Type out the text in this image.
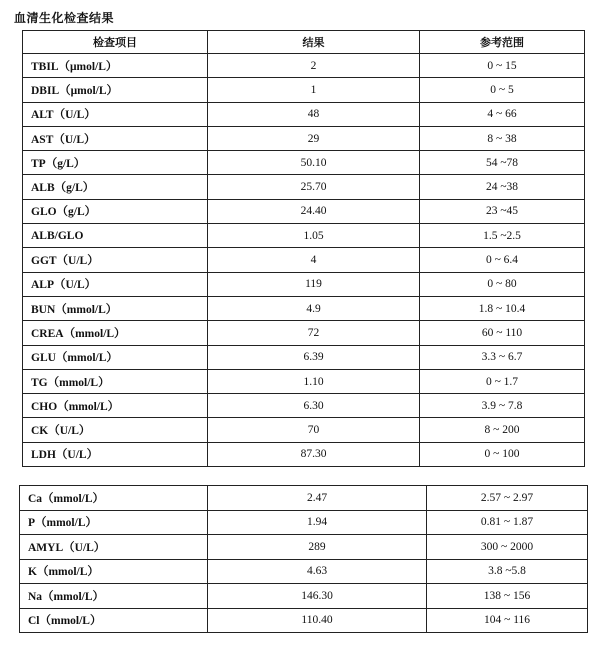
血清生化检查结果
检查项目	结果	参考范围
TBIL（μmol/L）	2	0 ~ 15
DBIL（μmol/L）	1	0 ~ 5
ALT（U/L）	48	4 ~ 66
AST（U/L）	29	8 ~ 38
TP（g/L）	50.10	54 ~78
ALB（g/L）	25.70	24 ~38
GLO（g/L）	24.40	23 ~45
ALB/GLO	1.05	1.5 ~2.5
GGT（U/L）	4	0 ~ 6.4
ALP（U/L）	119	0 ~ 80
BUN（mmol/L）	4.9	1.8 ~ 10.4
CREA（mmol/L）	72	60 ~ 110
GLU（mmol/L）	6.39	3.3 ~ 6.7
TG（mmol/L）	1.10	0 ~ 1.7
CHO（mmol/L）	6.30	3.9 ~ 7.8
CK（U/L）	70	8 ~ 200
LDH（U/L）	87.30	0 ~ 100
Ca（mmol/L）	2.47	2.57 ~ 2.97
P（mmol/L）	1.94	0.81 ~ 1.87
AMYL（U/L）	289	300 ~ 2000
K（mmol/L）	4.63	3.8 ~5.8
Na（mmol/L）	146.30	138 ~ 156
Cl（mmol/L）	110.40	104 ~ 116
